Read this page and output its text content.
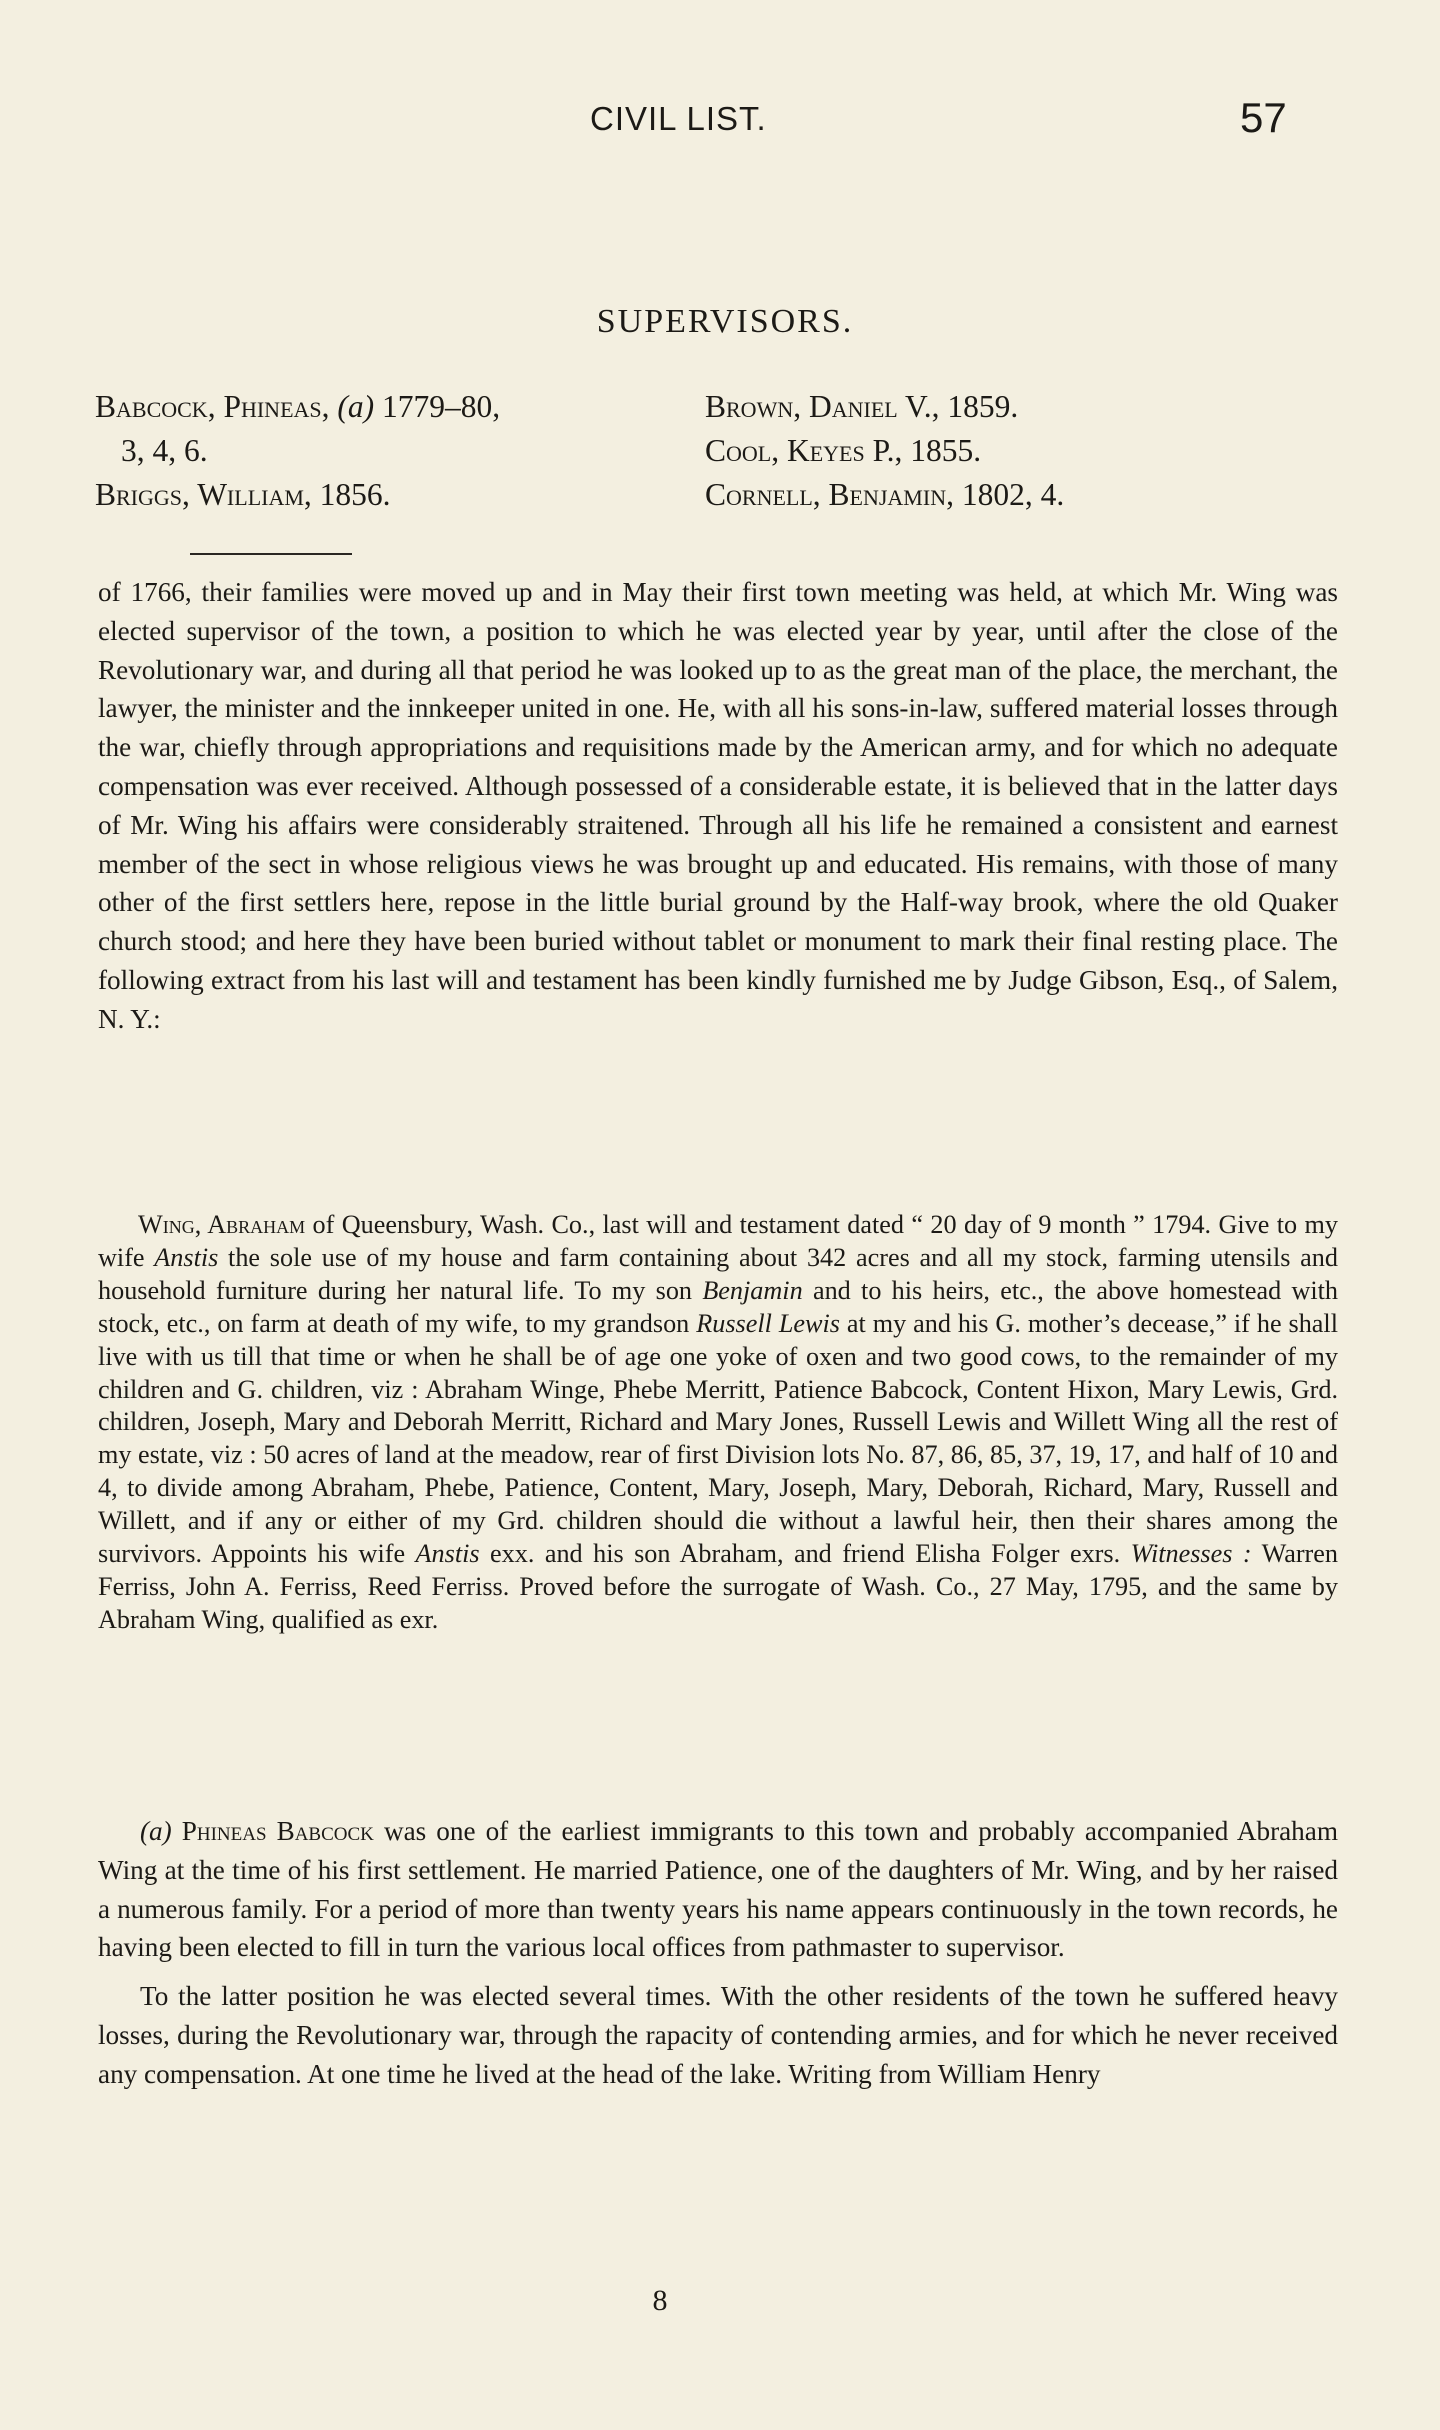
CIVIL LIST.	57
SUPERVISORS.
Babcock, Phineas, (a) 1779–80,
3, 4, 6.
Briggs, William, 1856.
Brown, Daniel V., 1859.
Cool, Keyes P., 1855.
Cornell, Benjamin, 1802, 4.

of 1766, their families were moved up and in May their first town meeting was held, at which Mr. Wing was elected supervisor of the town, a position to which he was elected year by year, until after the close of the Revolutionary war, and during all that period he was looked up to as the great man of the place, the merchant, the lawyer, the minister and the innkeeper united in one. He, with all his sons-in-law, suffered material losses through the war, chiefly through appropriations and requisitions made by the American army, and for which no adequate compensation was ever received. Although possessed of a considerable estate, it is believed that in the latter days of Mr. Wing his affairs were considerably straitened. Through all his life he remained a consistent and earnest member of the sect in whose religious views he was brought up and educated. His remains, with those of many other of the first settlers here, repose in the little burial ground by the Half-way brook, where the old Quaker church stood; and here they have been buried without tablet or monument to mark their final resting place. The following extract from his last will and testament has been kindly furnished me by Judge Gibson, Esq., of Salem, N. Y.:

Wing, Abraham of Queensbury, Wash. Co., last will and testament dated “ 20 day of 9 month ” 1794. Give to my wife Anstis the sole use of my house and farm containing about 342 acres and all my stock, farming utensils and household furniture during her natural life. To my son Benjamin and to his heirs, etc., the above homestead with stock, etc., on farm at death of my wife, to my grandson Russell Lewis at my and his G. mother’s decease,” if he shall live with us till that time or when he shall be of age one yoke of oxen and two good cows, to the remainder of my children and G. children, viz : Abraham Winge, Phebe Merritt, Patience Babcock, Content Hixon, Mary Lewis, Grd. children, Joseph, Mary and Deborah Merritt, Richard and Mary Jones, Russell Lewis and Willett Wing all the rest of my estate, viz : 50 acres of land at the meadow, rear of first Division lots No. 87, 86, 85, 37, 19, 17, and half of 10 and 4, to divide among Abraham, Phebe, Patience, Content, Mary, Joseph, Mary, Deborah, Richard, Mary, Russell and Willett, and if any or either of my Grd. children should die without a lawful heir, then their shares among the survivors. Appoints his wife Anstis exx. and his son Abraham, and friend Elisha Folger exrs. Witnesses : Warren Ferriss, John A. Ferriss, Reed Ferriss. Proved before the surrogate of Wash. Co., 27 May, 1795, and the same by Abraham Wing, qualified as exr.

(a) Phineas Babcock was one of the earliest immigrants to this town and probably accompanied Abraham Wing at the time of his first settlement. He married Patience, one of the daughters of Mr. Wing, and by her raised a numerous family. For a period of more than twenty years his name appears continuously in the town records, he having been elected to fill in turn the various local offices from pathmaster to supervisor.

To the latter position he was elected several times. With the other residents of the town he suffered heavy losses, during the Revolutionary war, through the rapacity of contending armies, and for which he never received any compensation. At one time he lived at the head of the lake. Writing from William Henry

8
